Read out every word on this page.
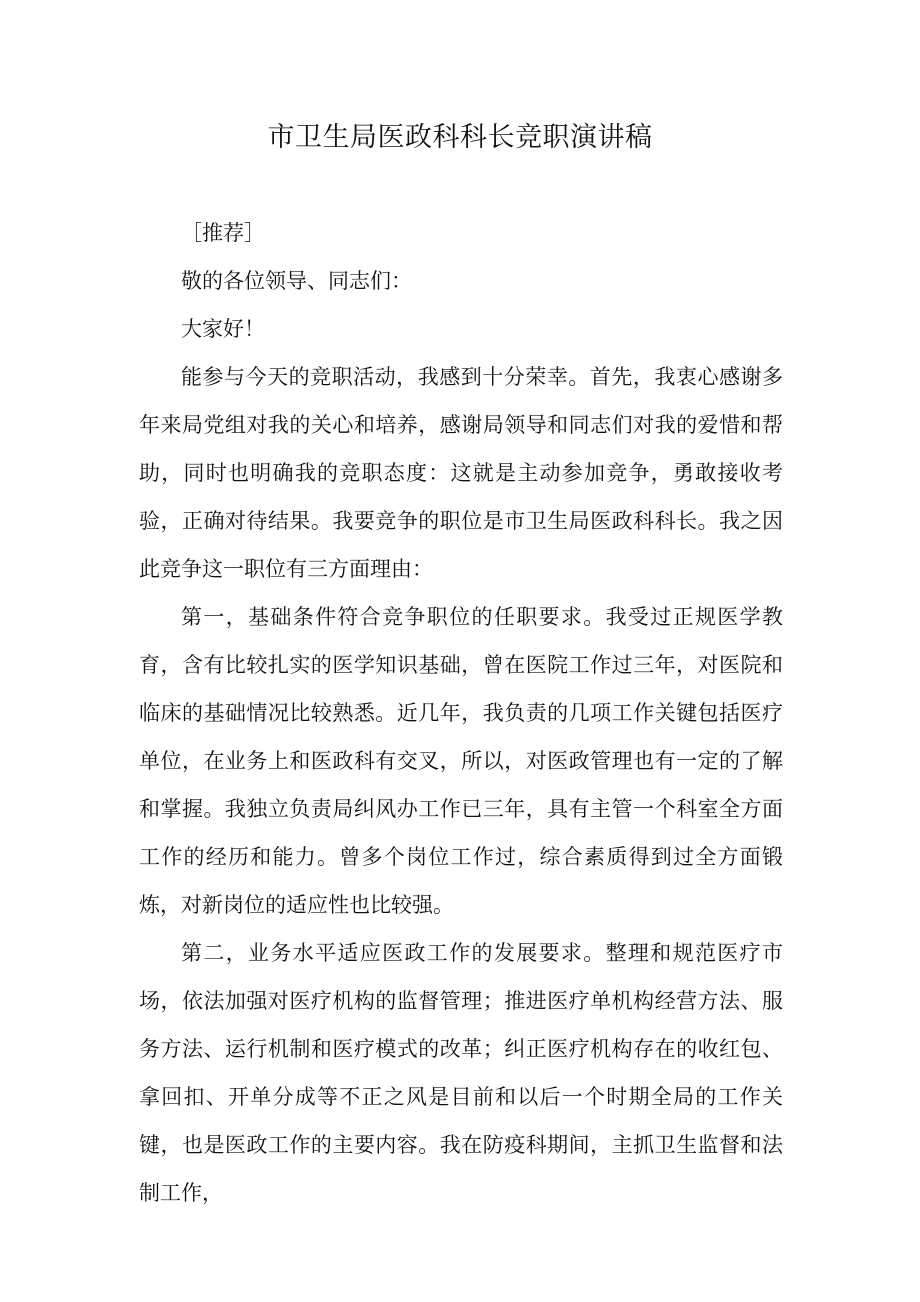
市卫生局医政科科长竞职演讲稿

［推荐］

敬的各位领导、同志们：

大家好！

能参与今天的竞职活动，我感到十分荣幸。首先，我衷心感谢多年来局党组对我的关心和培养，感谢局领导和同志们对我的爱惜和帮助，同时也明确我的竞职态度：这就是主动参加竞争，勇敢接收考验，正确对待结果。我要竞争的职位是市卫生局医政科科长。我之因此竞争这一职位有三方面理由：

第一，基础条件符合竞争职位的任职要求。我受过正规医学教育，含有比较扎实的医学知识基础，曾在医院工作过三年，对医院和临床的基础情况比较熟悉。近几年，我负责的几项工作关键包括医疗单位，在业务上和医政科有交叉，所以，对医政管理也有一定的了解和掌握。我独立负责局纠风办工作已三年，具有主管一个科室全方面工作的经历和能力。曾多个岗位工作过，综合素质得到过全方面锻炼，对新岗位的适应性也比较强。

第二，业务水平适应医政工作的发展要求。整理和规范医疗市场，依法加强对医疗机构的监督管理；推进医疗单机构经营方法、服务方法、运行机制和医疗模式的改革；纠正医疗机构存在的收红包、拿回扣、开单分成等不正之风是目前和以后一个时期全局的工作关键，也是医政工作的主要内容。我在防疫科期间，主抓卫生监督和法制工作，
